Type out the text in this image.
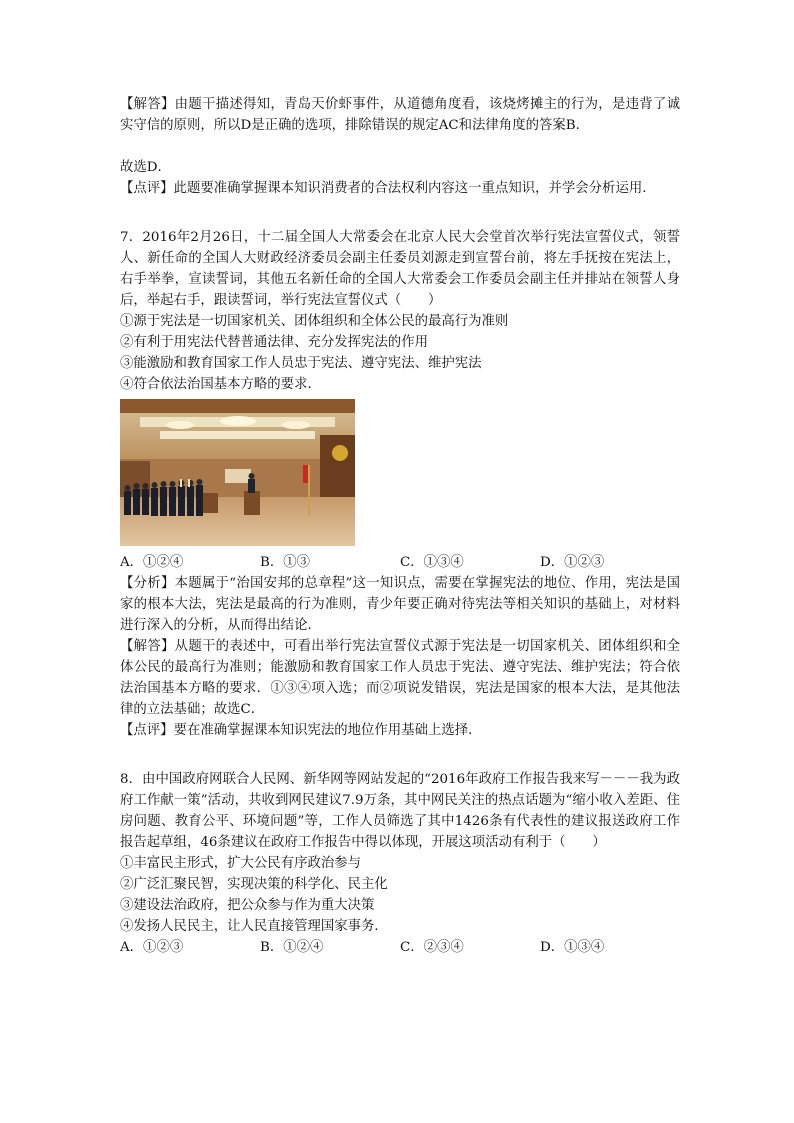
【解答】由题干描述得知，青岛天价虾事件，从道德角度看，该烧烤摊主的行为，是违背了诚实守信的原则，所以D是正确的选项，排除错误的规定AC和法律角度的答案B．

故选D．

【点评】此题要准确掌握课本知识消费者的合法权利内容这一重点知识，并学会分析运用．

7．2016年2月26日，十二届全国人大常委会在北京人民大会堂首次举行宪法宣誓仪式，领誓人、新任命的全国人大财政经济委员会副主任委员刘源走到宣誓台前，将左手抚按在宪法上，右手举拳，宣读誓词，其他五名新任命的全国人大常委会工作委员会副主任并排站在领誓人身后，举起右手，跟读誓词，举行宪法宣誓仪式（　　）

①源于宪法是一切国家机关、团体组织和全体公民的最高行为准则

②有利于用宪法代替普通法律、充分发挥宪法的作用

③能激励和教育国家工作人员忠于宪法、遵守宪法、维护宪法

④符合依法治国基本方略的要求．

A．①②④	B．①③	C．①③④	D．①②③

【分析】本题属于“治国安邦的总章程”这一知识点，需要在掌握宪法的地位、作用，宪法是国家的根本大法，宪法是最高的行为准则，青少年要正确对待宪法等相关知识的基础上，对材料进行深入的分析，从而得出结论．

【解答】从题干的表述中，可看出举行宪法宣誓仪式源于宪法是一切国家机关、团体组织和全体公民的最高行为准则；能激励和教育国家工作人员忠于宪法、遵守宪法、维护宪法；符合依法治国基本方略的要求．①③④项入选；而②项说发错误，宪法是国家的根本大法，是其他法律的立法基础；故选C．

【点评】要在准确掌握课本知识宪法的地位作用基础上选择．

8．由中国政府网联合人民网、新华网等网站发起的“2016年政府工作报告我来写－－－我为政府工作献一策”活动，共收到网民建议7.9万条，其中网民关注的热点话题为“缩小收入差距、住房问题、教育公平、环境问题”等，工作人员筛选了其中1426条有代表性的建议报送政府工作报告起草组，46条建议在政府工作报告中得以体现，开展这项活动有利于（　　）

①丰富民主形式，扩大公民有序政治参与

②广泛汇聚民智，实现决策的科学化、民主化

③建设法治政府，把公众参与作为重大决策

④发扬人民民主，让人民直接管理国家事务．

A．①②③	B．①②④	C．②③④	D．①③④
